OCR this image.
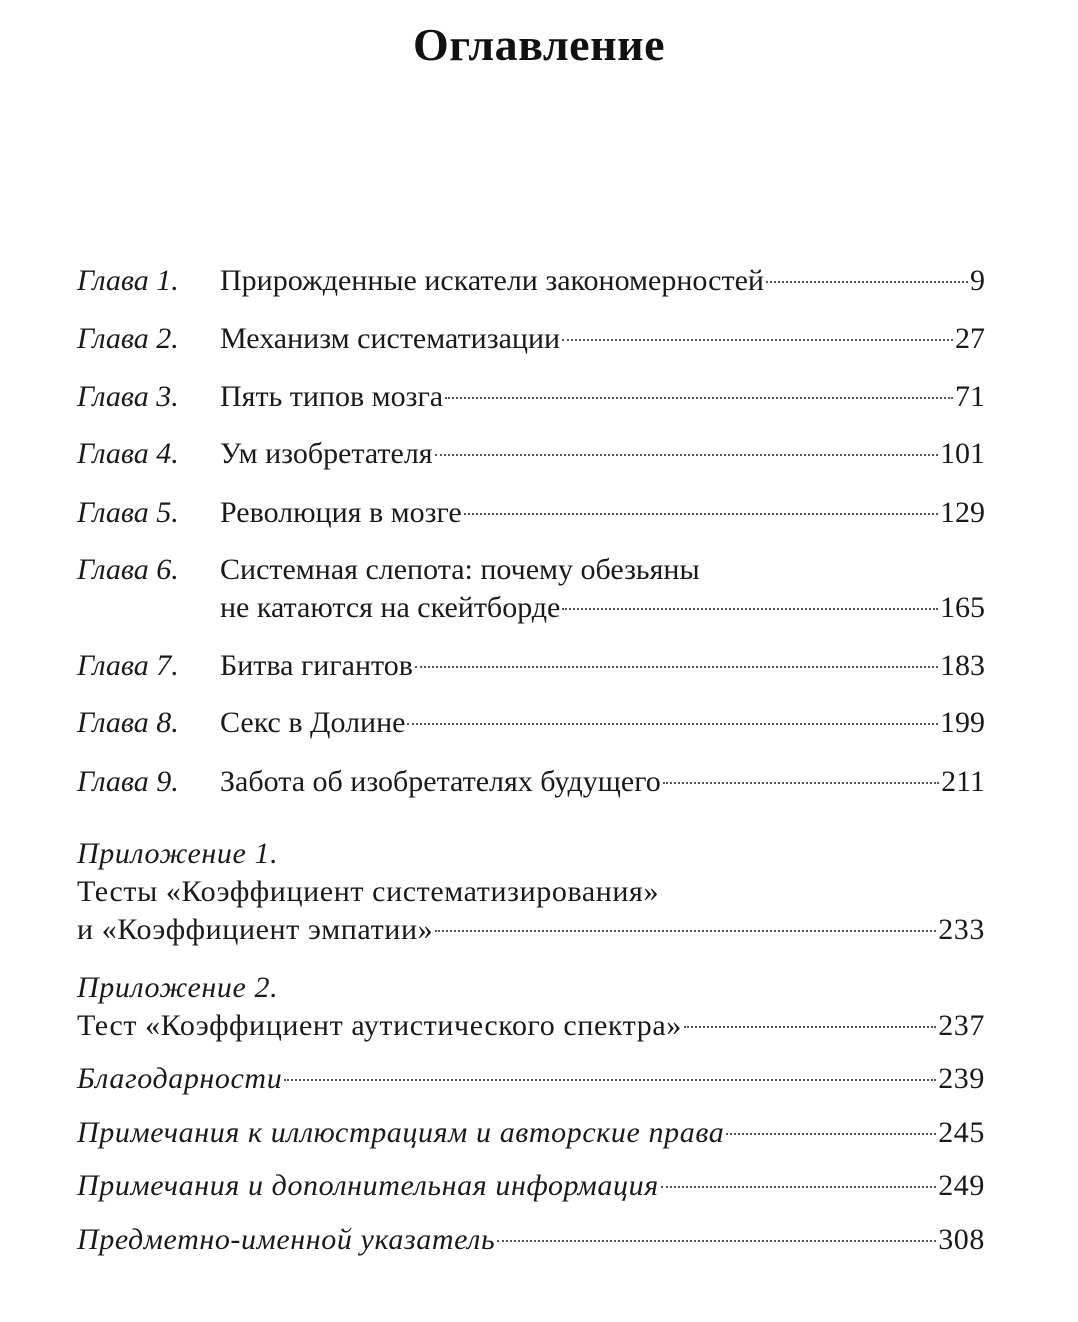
Оглавление
Глава 1. Прирожденные искатели закономерностей	9
Глава 2. Механизм систематизации	27
Глава 3. Пять типов мозга	71
Глава 4. Ум изобретателя	101
Глава 5. Революция в мозге	129
Глава 6. Системная слепота: почему обезьяны
не катаются на скейтборде	165
Глава 7. Битва гигантов	183
Глава 8. Секс в Долине	199
Глава 9. Забота об изобретателях будущего	211
Приложение 1.
Тесты «Коэффициент систематизирования»
и «Коэффициент эмпатии»	233
Приложение 2.
Тест «Коэффициент аутистического спектра»	237
Благодарности	239
Примечания к иллюстрациям и авторские права	245
Примечания и дополнительная информация	249
Предметно-именной указатель	308
